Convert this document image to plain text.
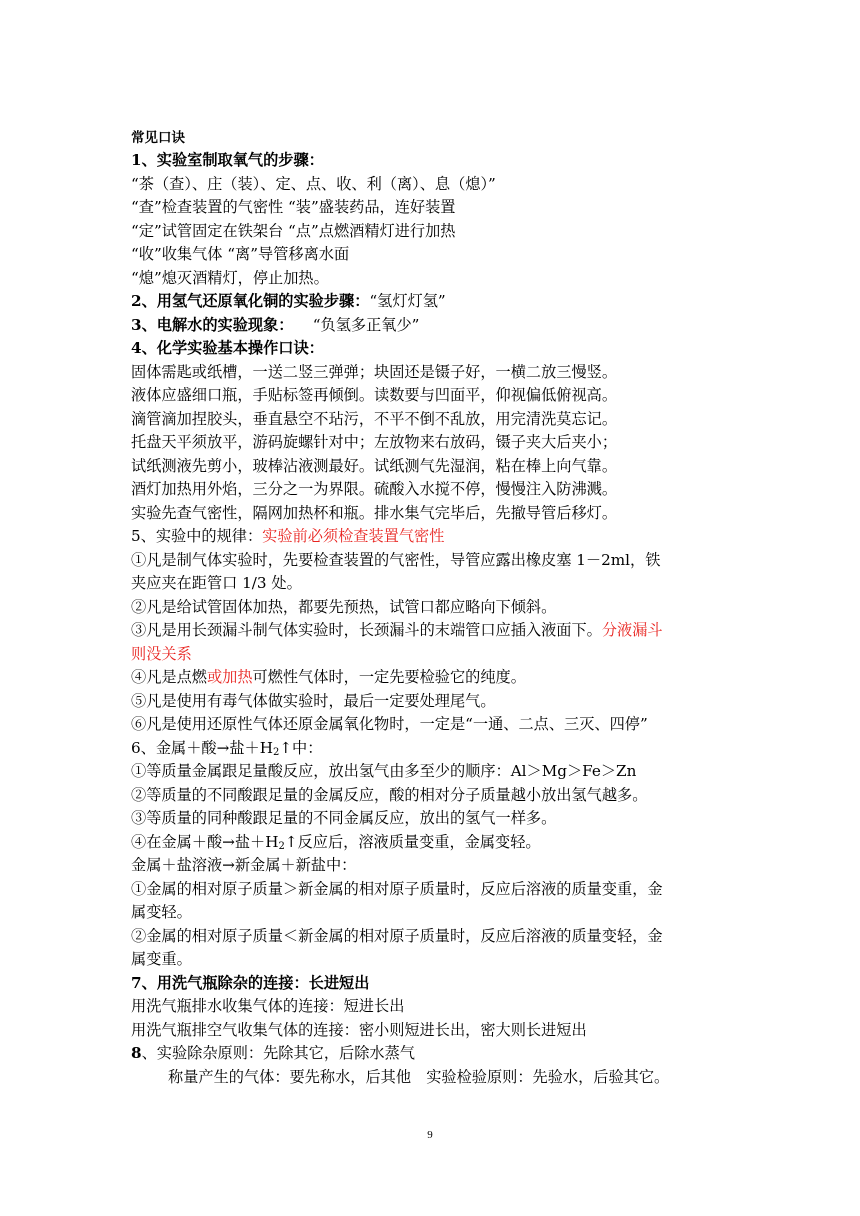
常见口诀
1、实验室制取氧气的步骤：
“茶（查）、庄（装）、定、点、收、利（离）、息（熄）”
“查”检查装置的气密性 “装”盛装药品，连好装置
“定”试管固定在铁架台 “点”点燃酒精灯进行加热
“收”收集气体 “离”导管移离水面
“熄”熄灭酒精灯，停止加热。
2、用氢气还原氧化铜的实验步骤：“氢灯灯氢”
3、电解水的实验现象： “负氢多正氧少”
4、化学实验基本操作口诀：
固体需匙或纸槽，一送二竖三弹弹；块固还是镊子好，一横二放三慢竖。
液体应盛细口瓶，手贴标签再倾倒。读数要与凹面平，仰视偏低俯视高。
滴管滴加捏胶头，垂直悬空不玷污，不平不倒不乱放，用完清洗莫忘记。
托盘天平须放平，游码旋螺针对中；左放物来右放码，镊子夹大后夹小；
试纸测液先剪小，玻棒沾液测最好。试纸测气先湿润，粘在棒上向气靠。
酒灯加热用外焰，三分之一为界限。硫酸入水搅不停，慢慢注入防沸溅。
实验先查气密性，隔网加热杯和瓶。排水集气完毕后，先撤导管后移灯。
5、实验中的规律：实验前必须检查装置气密性
①凡是制气体实验时，先要检查装置的气密性，导管应露出橡皮塞 1－2ml，铁
夹应夹在距管口 1/3 处。
②凡是给试管固体加热，都要先预热，试管口都应略向下倾斜。
③凡是用长颈漏斗制气体实验时，长颈漏斗的末端管口应插入液面下。分液漏斗
则没关系
④凡是点燃或加热可燃性气体时，一定先要检验它的纯度。
⑤凡是使用有毒气体做实验时，最后一定要处理尾气。
⑥凡是使用还原性气体还原金属氧化物时，一定是“一通、二点、三灭、四停”
6、金属＋酸→盐$+H_2↑$中：
①等质量金属跟足量酸反应，放出氢气由多至少的顺序：Al＞Mg＞Fe＞Zn
②等质量的不同酸跟足量的金属反应，酸的相对分子质量越小放出氢气越多。
③等质量的同种酸跟足量的不同金属反应，放出的氢气一样多。
④在金属＋酸→盐$+H_2↑$反应后，溶液质量变重，金属变轻。
金属＋盐溶液→新金属＋新盐中：
①金属的相对原子质量＞新金属的相对原子质量时，反应后溶液的质量变重，金
属变轻。
②金属的相对原子质量＜新金属的相对原子质量时，反应后溶液的质量变轻，金
属变重。
7、用洗气瓶除杂的连接：长进短出
用洗气瓶排水收集气体的连接：短进长出
用洗气瓶排空气收集气体的连接：密小则短进长出，密大则长进短出
8、实验除杂原则：先除其它，后除水蒸气
称量产生的气体：要先称水，后其他　实验检验原则：先验水，后验其它。
9
